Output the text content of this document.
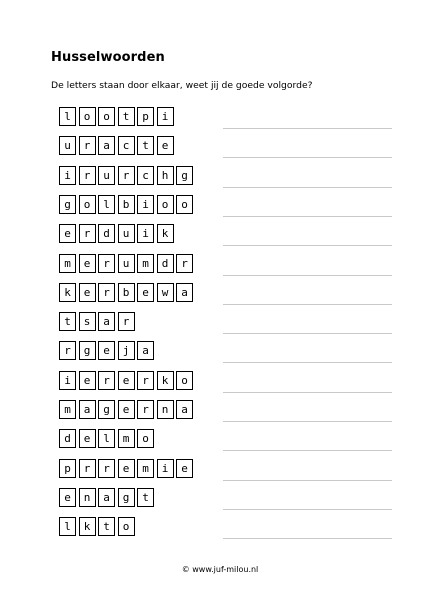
Husselwoorden
De letters staan door elkaar, weet jij de goede volgorde?
l	o	o	t	p	i
u	r	a	c	t	e
i	r	u	r	c	h	g
g	o	l	b	i	o	o
e	r	d	u	i	k
m	e	r	u	m	d	r
k	e	r	b	e	w	a
t	s	a	r
r	g	e	j	a
i	e	r	e	r	k	o
m	a	g	e	r	n	a
d	e	l	m	o
p	r	r	e	m	i	e
e	n	a	g	t
l	k	t	o
© www.juf-milou.nl
